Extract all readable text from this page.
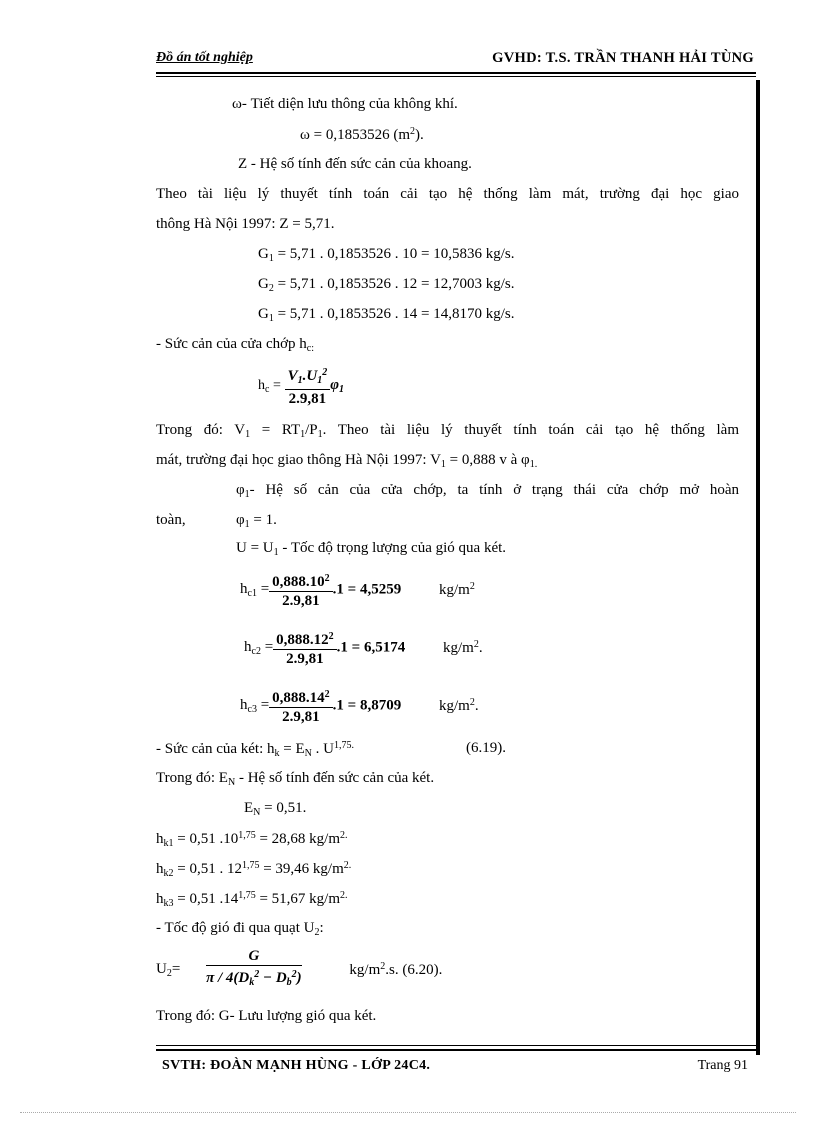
Đồ án tốt nghiệp	GVHD: T.S. TRẦN THANH HẢI TÙNG
ω- Tiết diện lưu thông của không khí.
ω = 0,1853526 $(m^2)$.
Z - Hệ số tính đến sức cản của khoang.
Theo tài liệu lý thuyết tính toán cải tạo hệ thống làm mát, trường đại học giao
thông Hà Nội 1997: Z = 5,71.
$G_1 = 5,71$ . 0,1853526 . 10 = 10,5836 kg/s.
$G_2 = 5,71$ . 0,1853526 . 12 = 12,7003 kg/s.
$G_1 = 5,71$ . 0,1853526 . 14 = 14,8170 kg/s.
- Sức cản của cửa chớp $h_{c:}$
$h_c = \frac{V_1.U_1^2}{2.9,81} \varphi_1$
Trong đó: $V_1 = RT_1/P_1$. Theo tài liệu lý thuyết tính toán cải tạo hệ thống làm
mát, trường đại học giao thông Hà Nội 1997: $V_1 = 0,888$ v à $\varphi_{1.}$
$\varphi_1-$ Hệ số cản của cửa chớp, ta tính ở trạng thái cửa chớp mở hoàn
toàn,	$\varphi_1 = 1$.
$U = U_1$ - Tốc độ trọng lượng của gió qua két.
$h_{c1} = \frac{0,888.10^2}{2.9,81} .1 = 4,5259$	$kg/m^2$
$h_{c2} = \frac{0,888.12^2}{2.9,81} .1 = 6,5174$	$kg/m^2$.
$h_{c3} = \frac{0,888.14^2}{2.9,81} .1 = 8,8709$	$kg/m^2$.
- Sức cản của két: $h_k = E_N$ . $U^{1,75.}$	(6.19).
Trong đó: $E_N$ - Hệ số tính đến sức cản của két.
$E_N = 0,51$.
$h_{k1} = 0,51$ $.10^{1,75} = 28,68$ $kg/m^{2.}$
$h_{k2} = 0,51$ . $12^{1,75} = 39,46$ $kg/m^{2.}$
$h_{k3} = 0,51$ $.14^{1,75} = 51,67$ $kg/m^{2.}$
- Tốc độ gió đi qua quạt $U_2$:
$U_2= \frac{G}{\pi / 4(D_k^2 - D_b^2)}$	$kg/m^2.s$. (6.20).
Trong đó: G- Lưu lượng gió qua két.
SVTH: ĐOÀN MẠNH HÙNG - LỚP 24C4.	Trang 91
